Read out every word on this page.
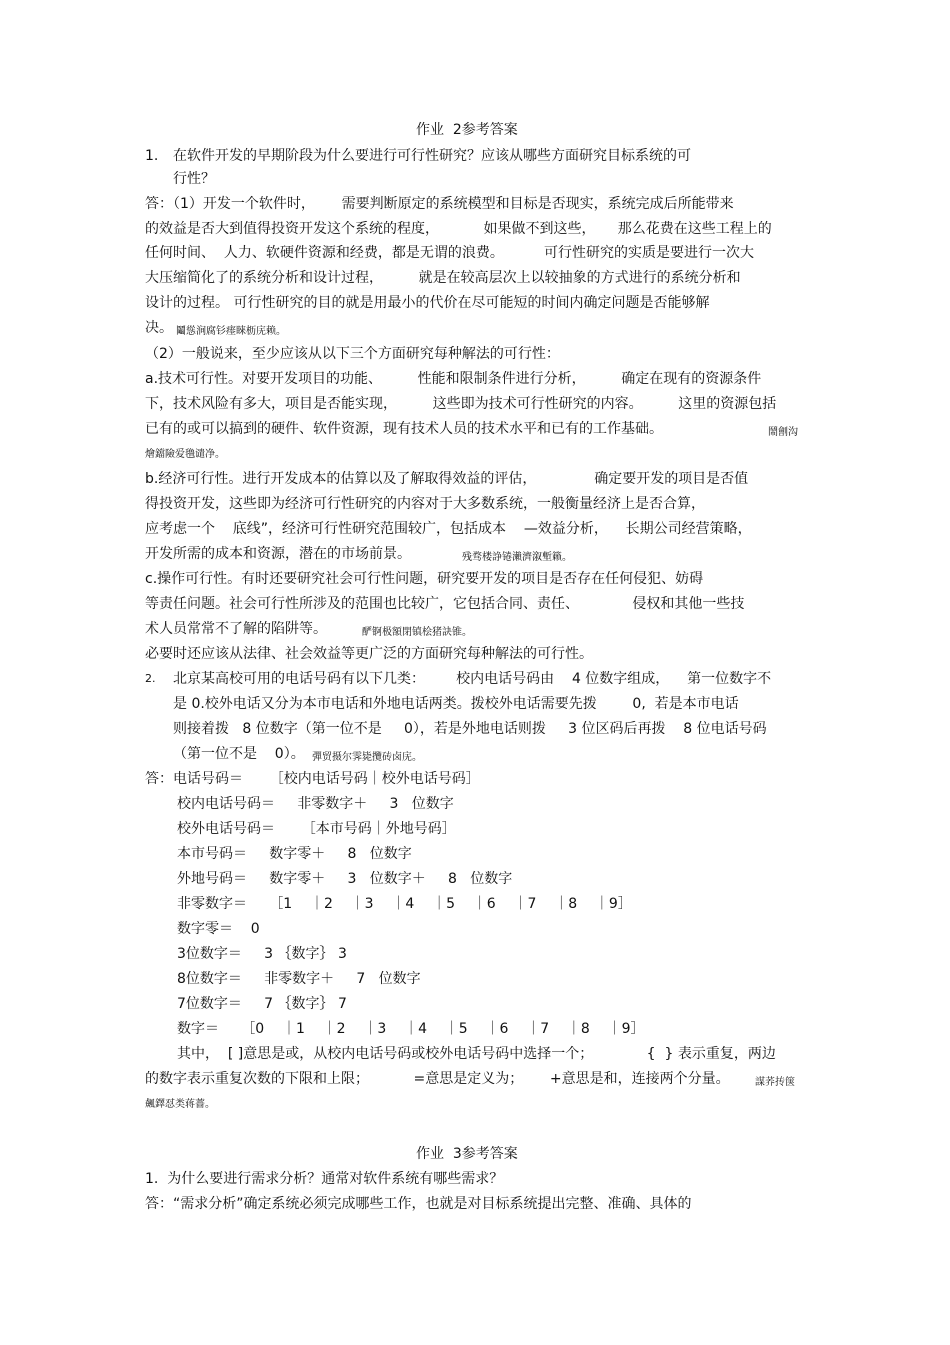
作业  2参考答案
1. 在软件开发的早期阶段为什么要进行可行性研究？应该从哪些方面研究目标系统的可
行性？
答：（1）开发一个软件时，      需要判断原定的系统模型和目标是否现实，系统完成后所能带来
的效益是否大到值得投资开发这个系统的程度，          如果做不到这些，     那么花费在这些工程上的
任何时间、  人力、软硬件资源和经费，都是无谓的浪费。         可行性研究的实质是要进行一次大
大压缩简化了的系统分析和设计过程，        就是在较高层次上以较抽象的方式进行的系统分析和
设计的过程。 可行性研究的目的就是用最小的代价在尽可能短的时间内确定问题是否能够解
决。 鬮慫涧腐钐瘗睞枥庑赖。
（2）一般说来，至少应该从以下三个方面研究每种解法的可行性：
a.技术可行性。对要开发项目的功能、        性能和限制条件进行分析，        确定在现有的资源条件
下，技术风险有多大，项目是否能实现，        这些即为技术可行性研究的内容。        这里的资源包括
已有的或可以搞到的硬件、软件资源，现有技术人员的技术水平和已有的工作基础。	鬧劊沟
燴鐺險爱氇谴净。
b.经济可行性。进行开发成本的估算以及了解取得效益的评估，             确定要开发的项目是否值
得投资开发，这些即为经济可行性研究的内容对于大多数系统，一般衡量经济上是否合算，
应考虑一个    底线”，经济可行性研究范围较广，包括成本    —效益分析，    长期公司经营策略，
开发所需的成本和资源，潜在的市场前景。	残骛楼諍锩瀨濟溆塹籟。
c.操作可行性。有时还要研究社会可行性问题，研究要开发的项目是否存在任何侵犯、妨碍
等责任问题。社会可行性所涉及的范围也比较广，它包括合同、责任、            侵权和其他一些技
术人员常常不了解的陷阱等。	酽锕极額閉镇桧猪訣锥。
必要时还应该从法律、社会效益等更广泛的方面研究每种解法的可行性。
2. 北京某高校可用的电话号码有以下几类：       校内电话号码由    4 位数字组成，    第一位数字不
是 0.校外电话又分为本市电话和外地电话两类。拨校外电话需要先拨        0,  若是本市电话
则接着拨   8 位数字（第一位不是     0），若是外地电话则拨     3 位区码后再拨    8 位电话号码
（第一位不是    0）。 彈贸摄尔霁毙攬砖卤庑。
答：电话号码＝      ［校内电话号码｜校外电话号码］
校内电话号码＝     非零数字＋     3   位数字
校外电话号码＝      ［本市号码｜外地号码］
本市号码＝     数字零＋     8   位数字
外地号码＝     数字零＋     3   位数字＋     8   位数字
非零数字＝     ［1    ｜2    ｜3    ｜4    ｜5    ｜6    ｜7    ｜8    ｜9］
数字零＝    0
3位数字＝     3 ｛数字｝ 3
8位数字＝     非零数字＋     7   位数字
7位数字＝     7 ｛数字｝ 7
数字＝     ［0    ｜1    ｜2    ｜3    ｜4    ｜5    ｜6    ｜7    ｜8    ｜9］
其中，  [ ]意思是或，从校内电话号码或校外电话号码中选择一个；            {  } 表示重复，两边
的数字表示重复次数的下限和上限；          =意思是定义为；      +意思是和，连接两个分量。	謀荞抟箧
飆鐸怼类蒋薔。
作业  3参考答案
1.  为什么要进行需求分析？通常对软件系统有哪些需求？
答：“需求分析”确定系统必须完成哪些工作，也就是对目标系统提出完整、准确、具体的
